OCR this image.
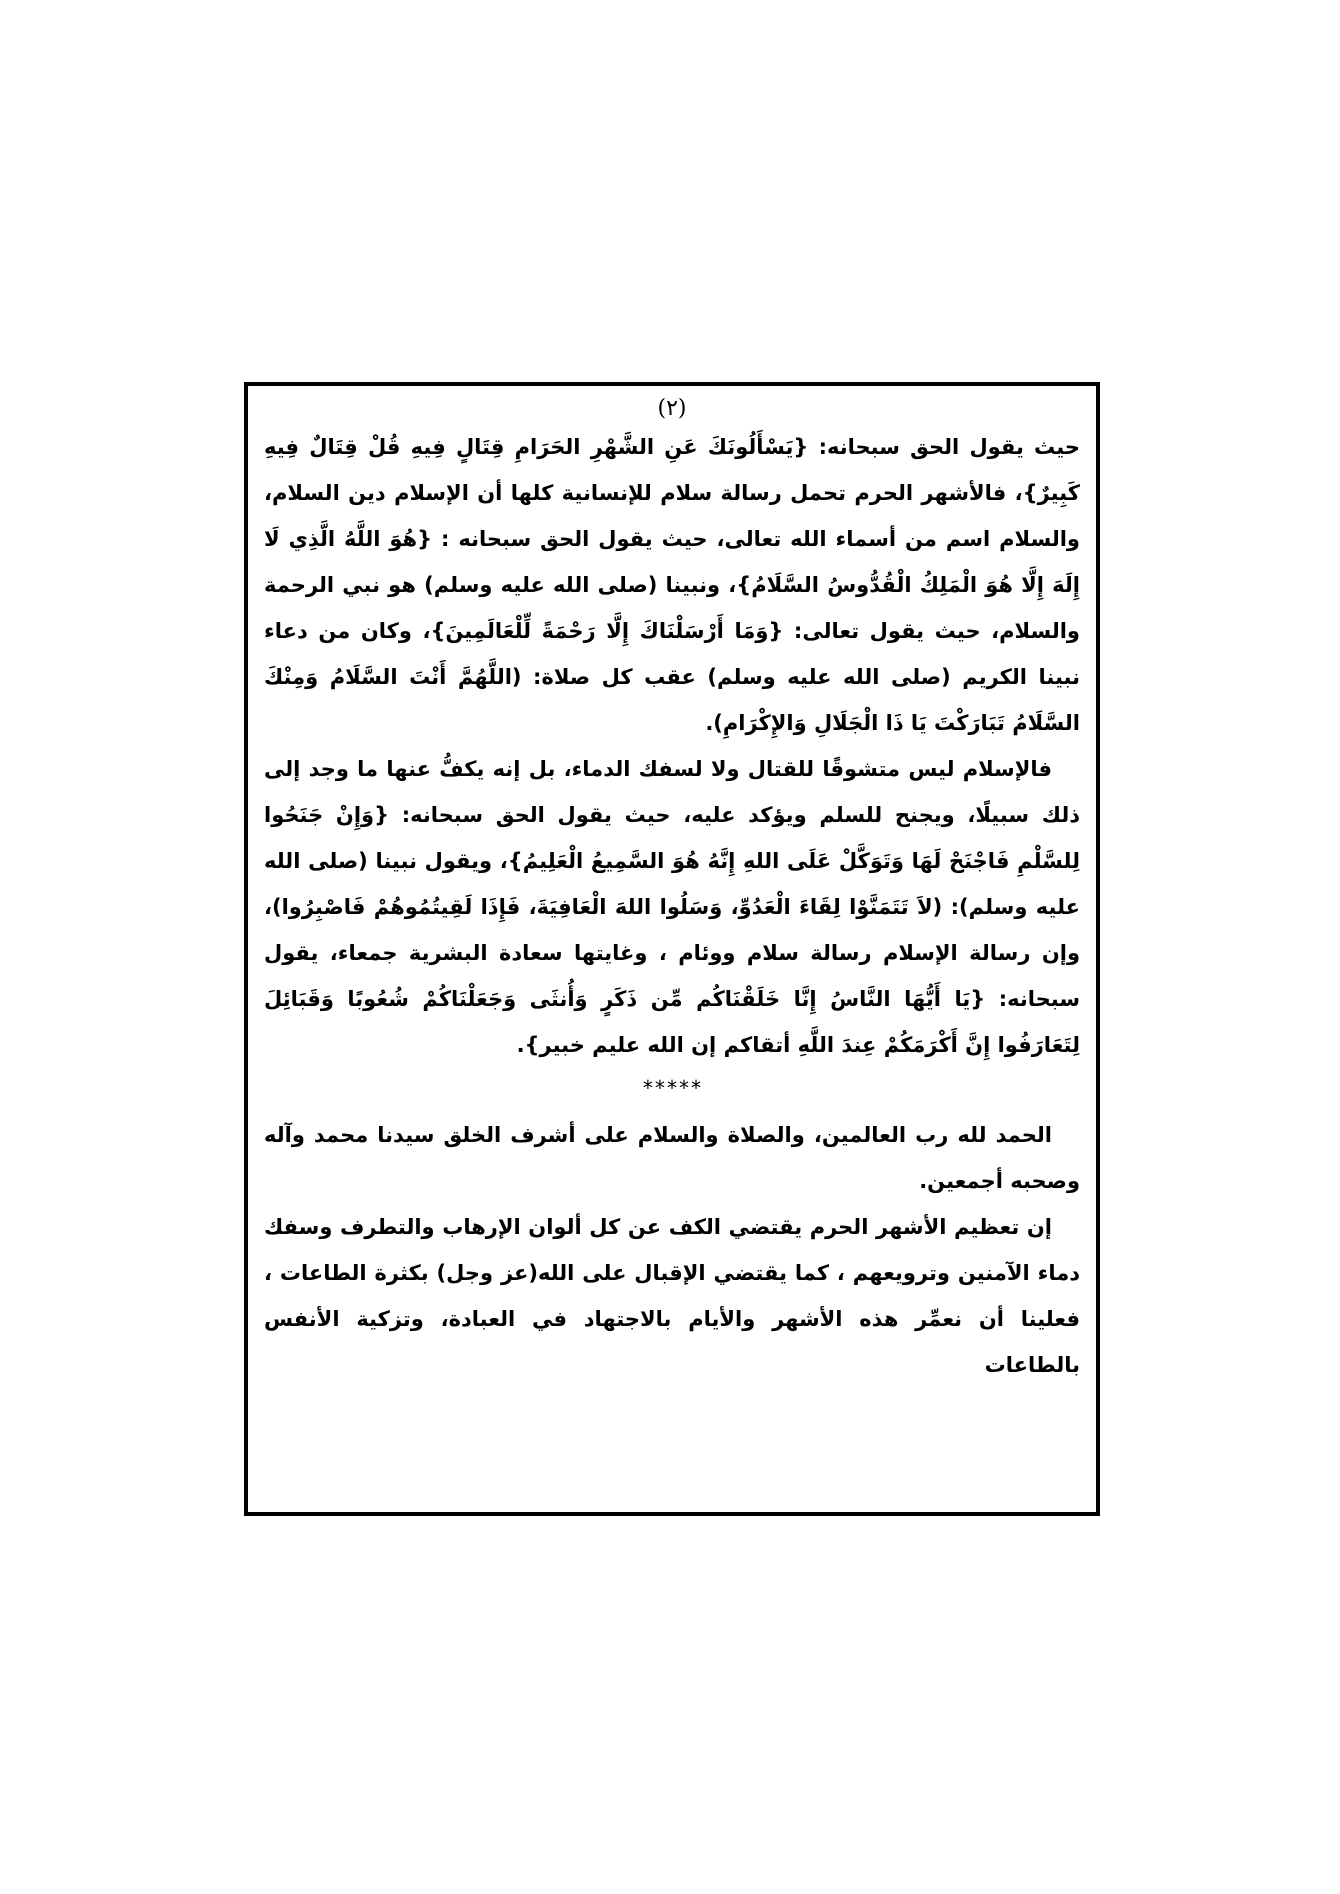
(٢)

حيث يقول الحق سبحانه: {يَسْأَلُونَكَ عَنِ الشَّهْرِ الحَرَامِ قِتَالٍ فِيهِ قُلْ قِتَالٌ فِيهِ كَبِيرٌ}، فالأشهر الحرم تحمل رسالة سلام للإنسانية كلها أن الإسلام دين السلام، والسلام اسم من أسماء الله تعالى، حيث يقول الحق سبحانه : {هُوَ اللَّهُ الَّذِي لَا إِلَهَ إِلَّا هُوَ الْمَلِكُ الْقُدُّوسُ السَّلَامُ}، ونبينا (صلى الله عليه وسلم) هو نبي الرحمة والسلام، حيث يقول تعالى: {وَمَا أَرْسَلْنَاكَ إِلَّا رَحْمَةً لِّلْعَالَمِينَ}، وكان من دعاء نبينا الكريم (صلى الله عليه وسلم) عقب كل صلاة: (اللَّهُمَّ أَنْتَ السَّلَامُ وَمِنْكَ السَّلَامُ تَبَارَكْتَ يَا ذَا الْجَلَالِ وَالإِكْرَامِ).

فالإسلام ليس متشوقًا للقتال ولا لسفك الدماء، بل إنه يكفُّ عنها ما وجد إلى ذلك سبيلًا، ويجنح للسلم ويؤكد عليه، حيث يقول الحق سبحانه: {وَإِنْ جَنَحُوا لِلسَّلْمِ فَاجْنَحْ لَهَا وَتَوَكَّلْ عَلَى اللهِ إِنَّهُ هُوَ السَّمِيعُ الْعَلِيمُ}، ويقول نبينا (صلى الله عليه وسلم): (لاَ تَتَمَنَّوْا لِقَاءَ الْعَدُوِّ، وَسَلُوا اللهَ الْعَافِيَةَ، فَإِذَا لَقِيتُمُوهُمْ فَاصْبِرُوا)، وإن رسالة الإسلام رسالة سلام ووئام ، وغايتها سعادة البشرية جمعاء، يقول سبحانه: {يَا أَيُّهَا النَّاسُ إِنَّا خَلَقْنَاكُم مِّن ذَكَرٍ وَأُنثَى وَجَعَلْنَاكُمْ شُعُوبًا وَقَبَائِلَ لِتَعَارَفُوا إِنَّ أَكْرَمَكُمْ عِندَ اللَّهِ أتقاكم إن الله عليم خبير}.

*****

الحمد لله رب العالمين، والصلاة والسلام على أشرف الخلق سيدنا محمد وآله وصحبه أجمعين.

إن تعظيم الأشهر الحرم يقتضي الكف عن كل ألوان الإرهاب والتطرف وسفك دماء الآمنين وترويعهم ، كما يقتضي الإقبال على الله(عز وجل) بكثرة الطاعات ، فعلينا أن نعمِّر هذه الأشهر والأيام بالاجتهاد في العبادة، وتزكية الأنفس بالطاعات
